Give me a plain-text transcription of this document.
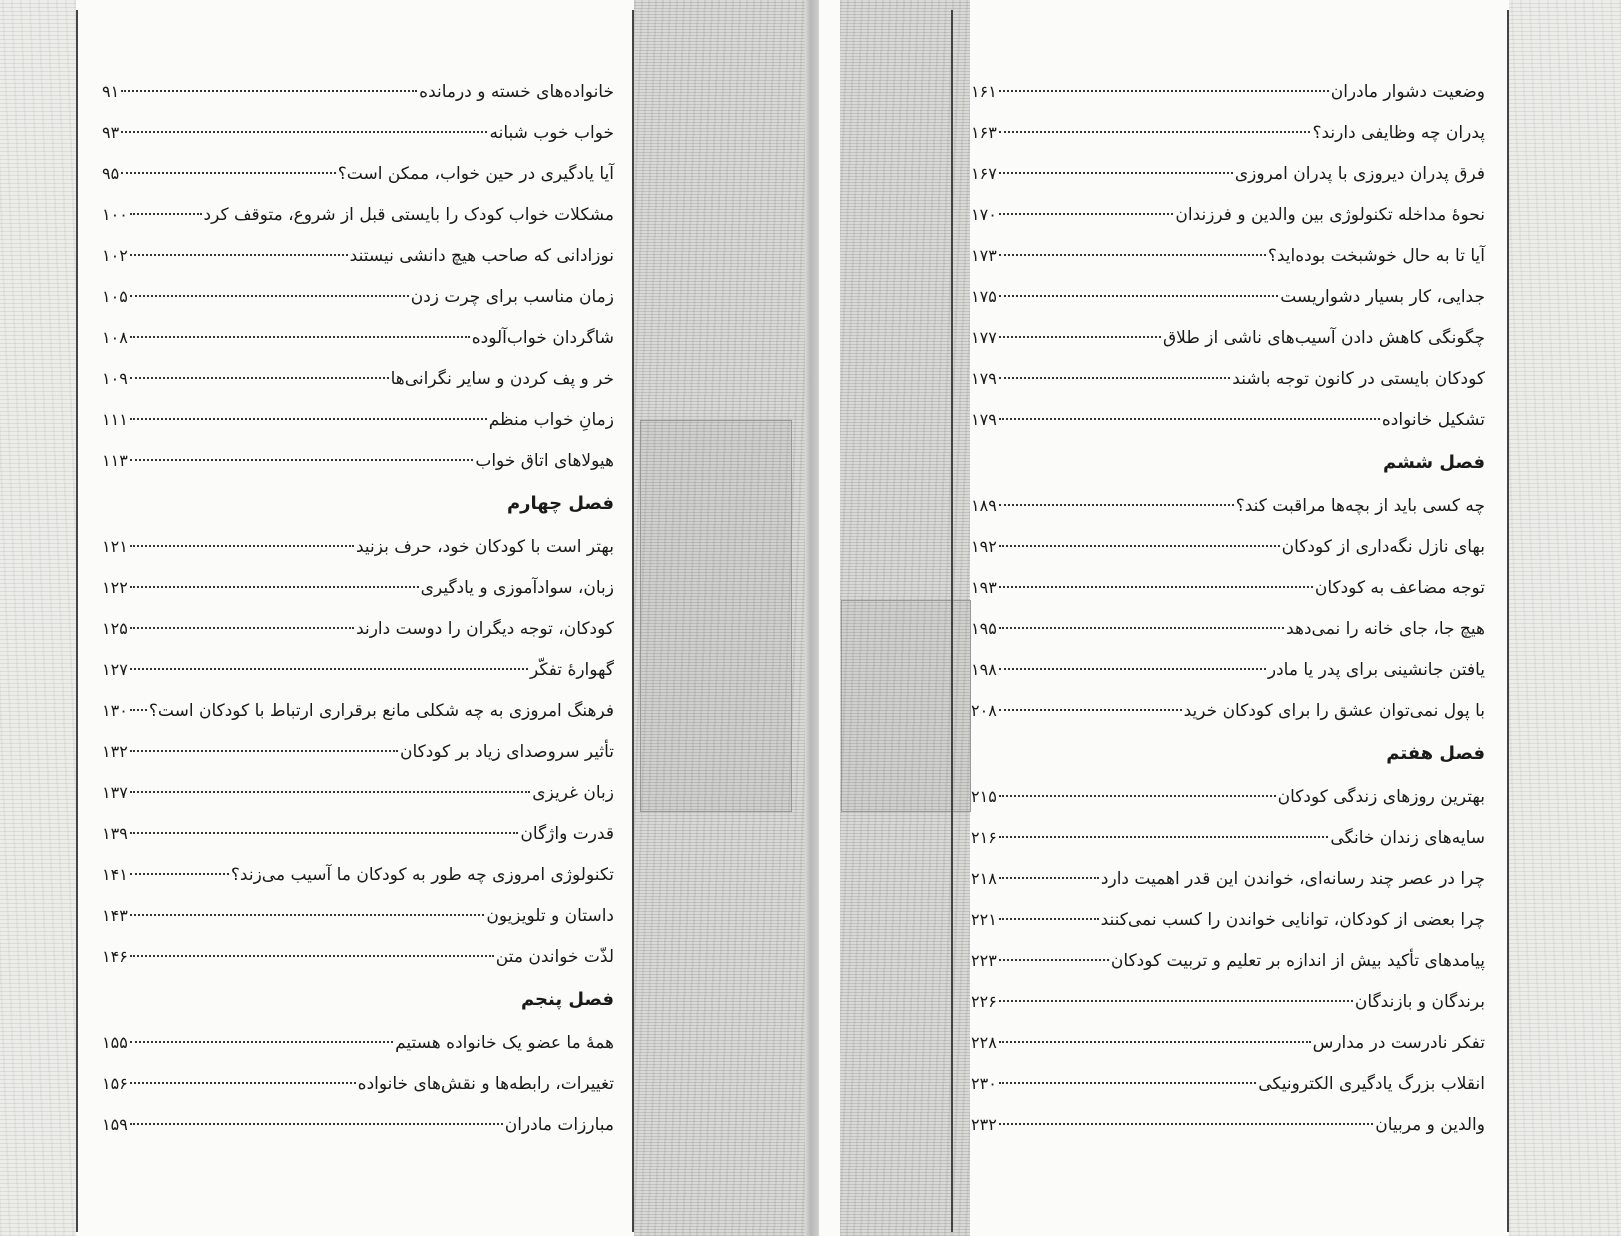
خانواده‌های خسته و درمانده
۹۱
خواب خوب شبانه
۹۳
آیا یادگیری در حین خواب، ممکن است؟
۹۵
مشکلات خواب کودک را بایستی قبل از شروع، متوقف کرد
۱۰۰
نوزادانی که صاحب هیچ دانشی نیستند
۱۰۲
زمان مناسب برای چرت زدن
۱۰۵
شاگردان خواب‌آلوده
۱۰۸
خر و پف کردن و سایر نگرانی‌ها
۱۰۹
زمانِ خواب منظم
۱۱۱
هیولاهای اتاق خواب
۱۱۳
فصل چهارم
بهتر است با کودکان خود، حرف بزنید
۱۲۱
زبان، سوادآموزی و یادگیری
۱۲۲
کودکان، توجه دیگران را دوست دارند
۱۲۵
گهوارهٔ تفکّر
۱۲۷
فرهنگ امروزی به چه شکلی مانع برقراری ارتباط با کودکان است؟
۱۳۰
تأثیر سروصدای زیاد بر کودکان
۱۳۲
زبان غریزی
۱۳۷
قدرت واژگان
۱۳۹
تکنولوژی امروزی چه طور به کودکان ما آسیب می‌زند؟
۱۴۱
داستان و تلویزیون
۱۴۳
لذّت خواندن متن
۱۴۶
فصل پنجم
همهٔ ما عضو یک خانواده هستیم
۱۵۵
تغییرات، رابطه‌ها و نقش‌های خانواده
۱۵۶
مبارزات مادران
۱۵۹
وضعیت دشوار مادران
۱۶۱
پدران چه وظایفی دارند؟
۱۶۳
فرق پدران دیروزی با پدران امروزی
۱۶۷
نحوهٔ مداخله تکنولوژی بین والدین و فرزندان
۱۷۰
آیا تا به حال خوشبخت بوده‌اید؟
۱۷۳
جدایی، کار بسیار دشواریست
۱۷۵
چگونگی کاهش دادن آسیب‌های ناشی از طلاق
۱۷۷
کودکان بایستی در کانون توجه باشند
۱۷۹
تشکیل خانواده
۱۷۹
فصل ششم
چه کسی باید از بچه‌ها مراقبت کند؟
۱۸۹
بهای نازل نگه‌داری از کودکان
۱۹۲
توجه مضاعف به کودکان
۱۹۳
هیچ جا، جای خانه را نمی‌دهد
۱۹۵
یافتن جانشینی برای پدر یا مادر
۱۹۸
با پول نمی‌توان عشق را برای کودکان خرید
۲۰۸
فصل هفتم
بهترین روزهای زندگی کودکان
۲۱۵
سایه‌های زندان خانگی
۲۱۶
چرا در عصر چند رسانه‌ای، خواندن این قدر اهمیت دارد
۲۱۸
چرا بعضی از کودکان، توانایی خواندن را کسب نمی‌کنند
۲۲۱
پیامدهای تأکید بیش از اندازه بر تعلیم و تربیت کودکان
۲۲۳
برندگان و بازندگان
۲۲۶
تفکر نادرست در مدارس
۲۲۸
انقلاب بزرگ یادگیری الکترونیکی
۲۳۰
والدین و مربیان
۲۳۲
